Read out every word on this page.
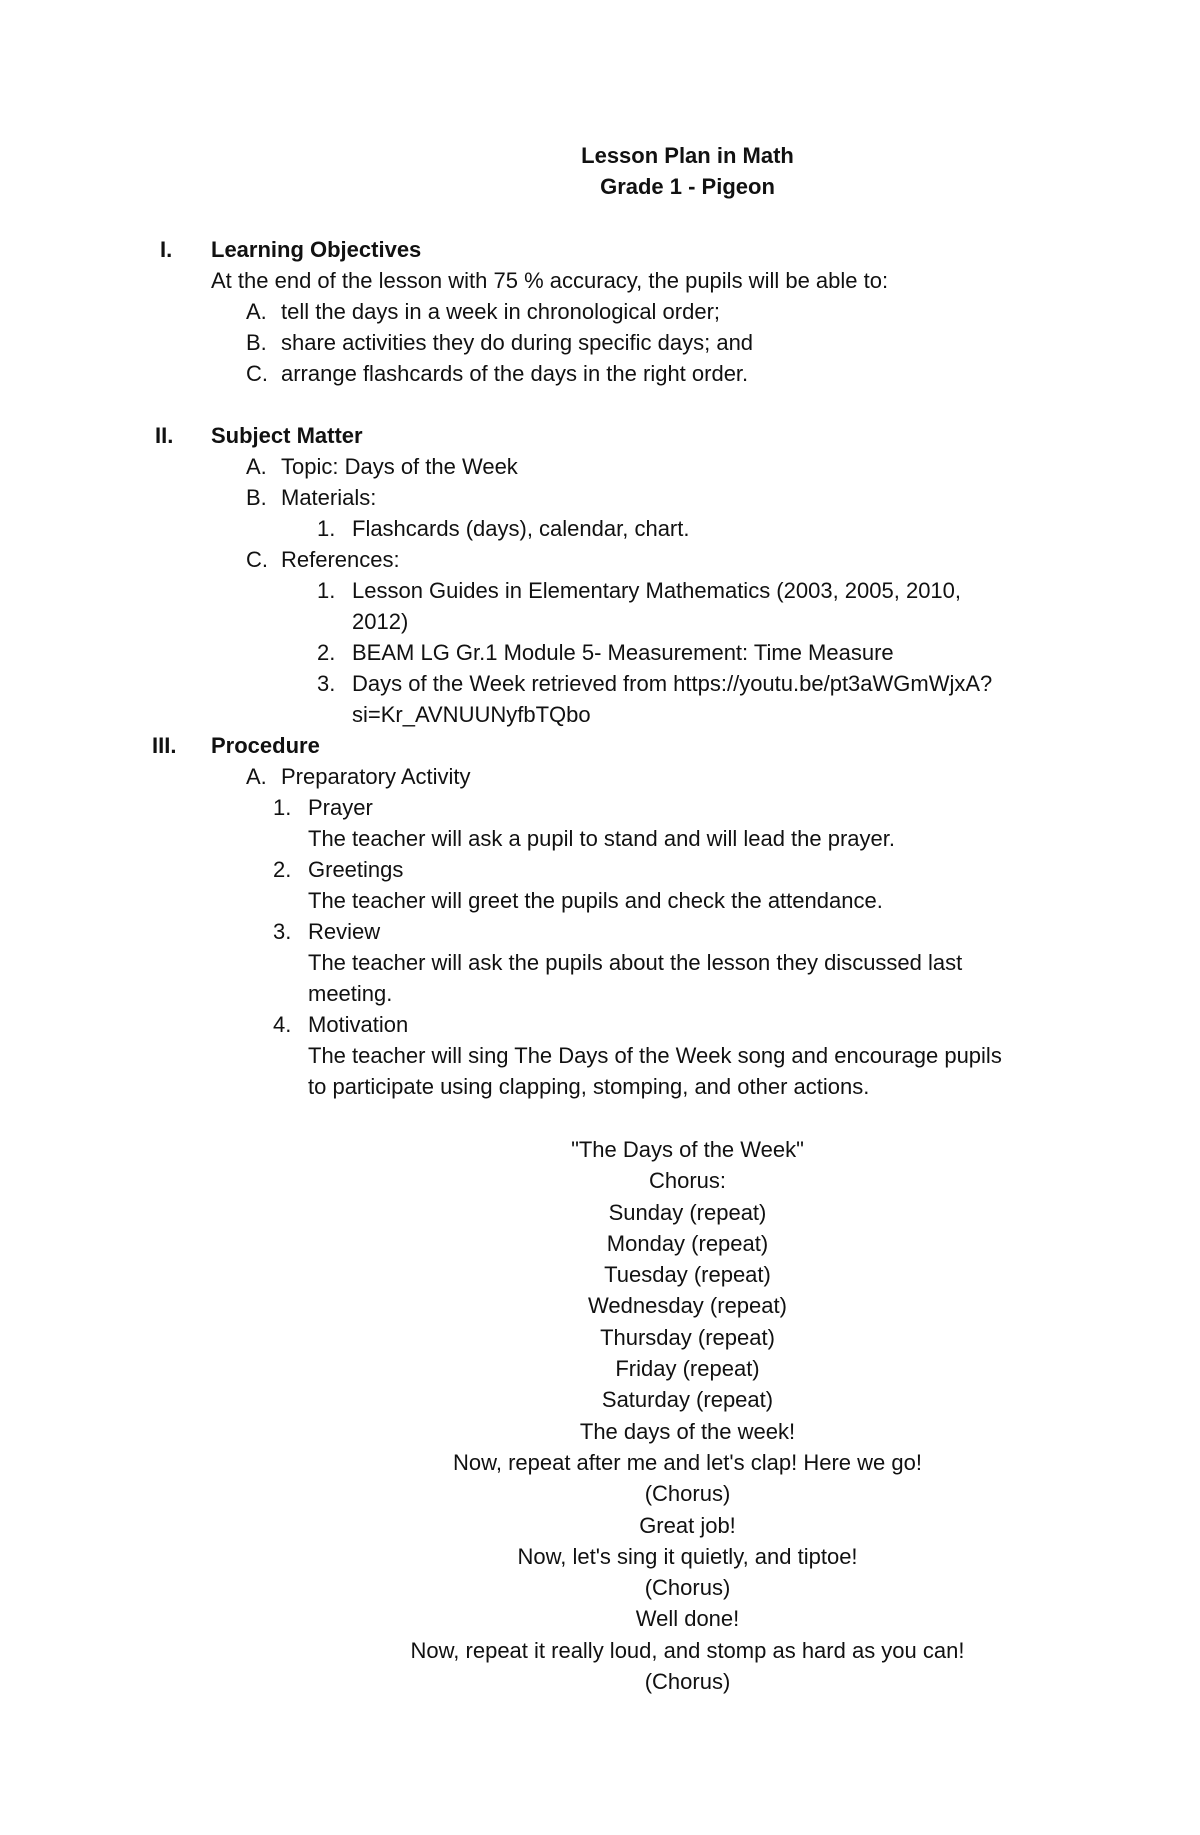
Lesson Plan in Math
Grade 1 - Pigeon
I. Learning Objectives
At the end of the lesson with 75 % accuracy, the pupils will be able to:
A. tell the days in a week in chronological order;
B. share activities they do during specific days; and
C. arrange flashcards of the days in the right order.
II. Subject Matter
A. Topic: Days of the Week
B. Materials:
1. Flashcards (days), calendar, chart.
C. References:
1. Lesson Guides in Elementary Mathematics (2003, 2005, 2010,
2012)
2. BEAM LG Gr.1 Module 5- Measurement: Time Measure
3. Days of the Week retrieved from https://youtu.be/pt3aWGmWjxA?
si=Kr_AVNUUNyfbTQbo
III. Procedure
A. Preparatory Activity
1. Prayer
The teacher will ask a pupil to stand and will lead the prayer.
2. Greetings
The teacher will greet the pupils and check the attendance.
3. Review
The teacher will ask the pupils about the lesson they discussed last
meeting.
4. Motivation
The teacher will sing The Days of the Week song and encourage pupils
to participate using clapping, stomping, and other actions.
"The Days of the Week"
Chorus:
Sunday (repeat)
Monday (repeat)
Tuesday (repeat)
Wednesday (repeat)
Thursday (repeat)
Friday (repeat)
Saturday (repeat)
The days of the week!
Now, repeat after me and let's clap! Here we go!
(Chorus)
Great job!
Now, let's sing it quietly, and tiptoe!
(Chorus)
Well done!
Now, repeat it really loud, and stomp as hard as you can!
(Chorus)
